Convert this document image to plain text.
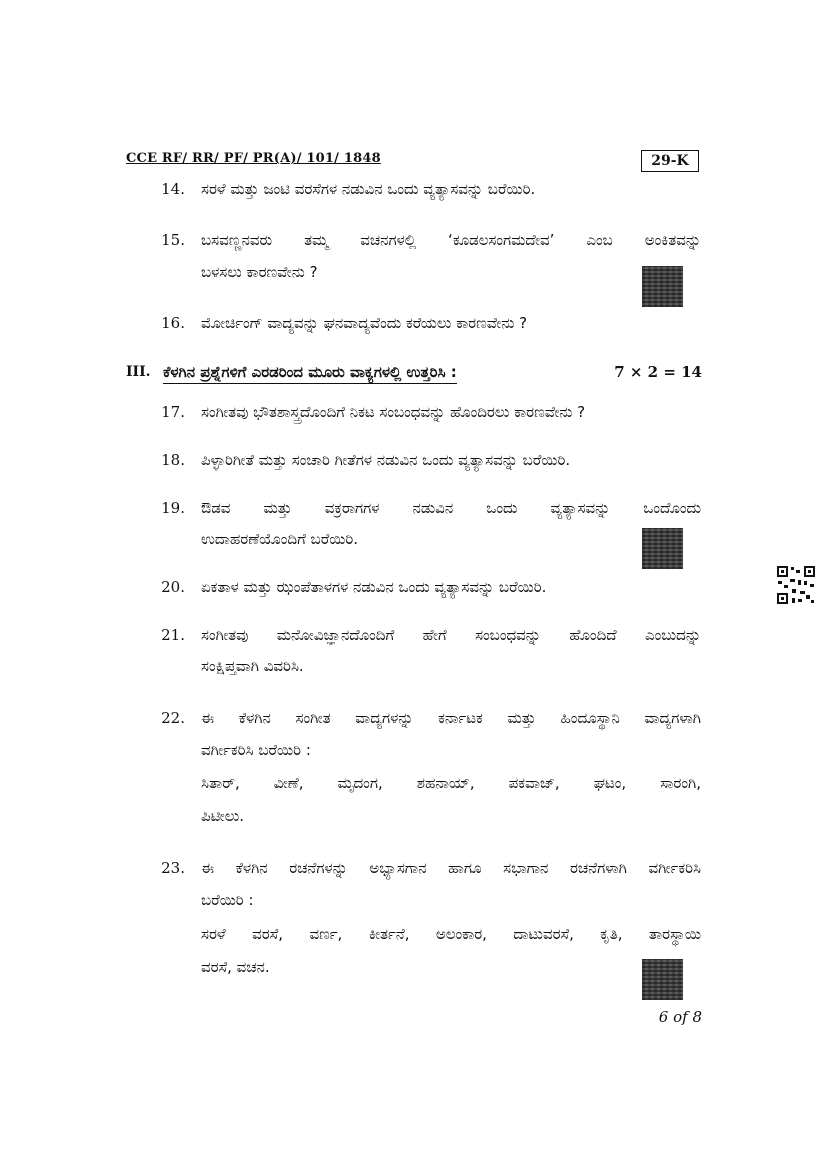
CCE RF/ RR/ PF/ PR(A)/ 101/ 1848	29-K
14. ಸರಳೆ ಮತ್ತು ಜಂಟಿ ವರಸೆಗಳ ನಡುವಿನ ಒಂದು ವ್ಯತ್ಯಾಸವನ್ನು ಬರೆಯಿರಿ.
15. ಬಸವಣ್ಣನವರು ತಮ್ಮ ವಚನಗಳಲ್ಲಿ ‘ಕೂಡಲಸಂಗಮದೇವ’ ಎಂಬ ಅಂಕಿತವನ್ನು
ಬಳಸಲು ಕಾರಣವೇನು ?
16. ಮೋರ್ಚಿಂಗ್ ವಾದ್ಯವನ್ನು ಘನವಾದ್ಯವೆಂದು ಕರೆಯಲು ಕಾರಣವೇನು ?
III. ಕೆಳಗಿನ ಪ್ರಶ್ನೆಗಳಿಗೆ ಎರಡರಿಂದ ಮೂರು ವಾಕ್ಯಗಳಲ್ಲಿ ಉತ್ತರಿಸಿ :	7 × 2 = 14
17. ಸಂಗೀತವು ಭೌತಶಾಸ್ತ್ರದೊಂದಿಗೆ ನಿಕಟ ಸಂಬಂಧವನ್ನು ಹೊಂದಿರಲು ಕಾರಣವೇನು ?
18. ಪಿಳ್ಳಾರಿಗೀತೆ ಮತ್ತು ಸಂಚಾರಿ ಗೀತೆಗಳ ನಡುವಿನ ಒಂದು ವ್ಯತ್ಯಾಸವನ್ನು ಬರೆಯಿರಿ.
19. ಔಡವ ಮತ್ತು ವಕ್ರರಾಗಗಳ ನಡುವಿನ ಒಂದು ವ್ಯತ್ಯಾಸವನ್ನು ಒಂದೊಂದು
ಉದಾಹರಣೆಯೊಂದಿಗೆ ಬರೆಯಿರಿ.
20. ಏಕತಾಳ ಮತ್ತು ಝಂಪೆತಾಳಗಳ ನಡುವಿನ ಒಂದು ವ್ಯತ್ಯಾಸವನ್ನು ಬರೆಯಿರಿ.
21. ಸಂಗೀತವು ಮನೋವಿಜ್ಞಾನದೊಂದಿಗೆ ಹೇಗೆ ಸಂಬಂಧವನ್ನು ಹೊಂದಿದೆ ಎಂಬುದನ್ನು
ಸಂಕ್ಷಿಪ್ತವಾಗಿ ವಿವರಿಸಿ.
22. ಈ ಕೆಳಗಿನ ಸಂಗೀತ ವಾದ್ಯಗಳನ್ನು ಕರ್ನಾಟಕ ಮತ್ತು ಹಿಂದೂಸ್ಥಾನಿ ವಾದ್ಯಗಳಾಗಿ
ವರ್ಗೀಕರಿಸಿ ಬರೆಯಿರಿ :
ಸಿತಾರ್, ವೀಣೆ, ಮೃದಂಗ, ಶಹನಾಯ್, ಪಕವಾಜ್, ಘಟಂ, ಸಾರಂಗಿ,
ಪಿಟೀಲು.
23. ಈ ಕೆಳಗಿನ ರಚನೆಗಳನ್ನು ಅಭ್ಯಾಸಗಾನ ಹಾಗೂ ಸಭಾಗಾನ ರಚನೆಗಳಾಗಿ ವರ್ಗೀಕರಿಸಿ
ಬರೆಯಿರಿ :
ಸರಳೆ ವರಸೆ, ವರ್ಣ, ಕೀರ್ತನೆ, ಅಲಂಕಾರ, ದಾಟುವರಸೆ, ಕೃತಿ, ತಾರಸ್ಥಾಯಿ
ವರಸೆ, ವಚನ.
6 of 8
